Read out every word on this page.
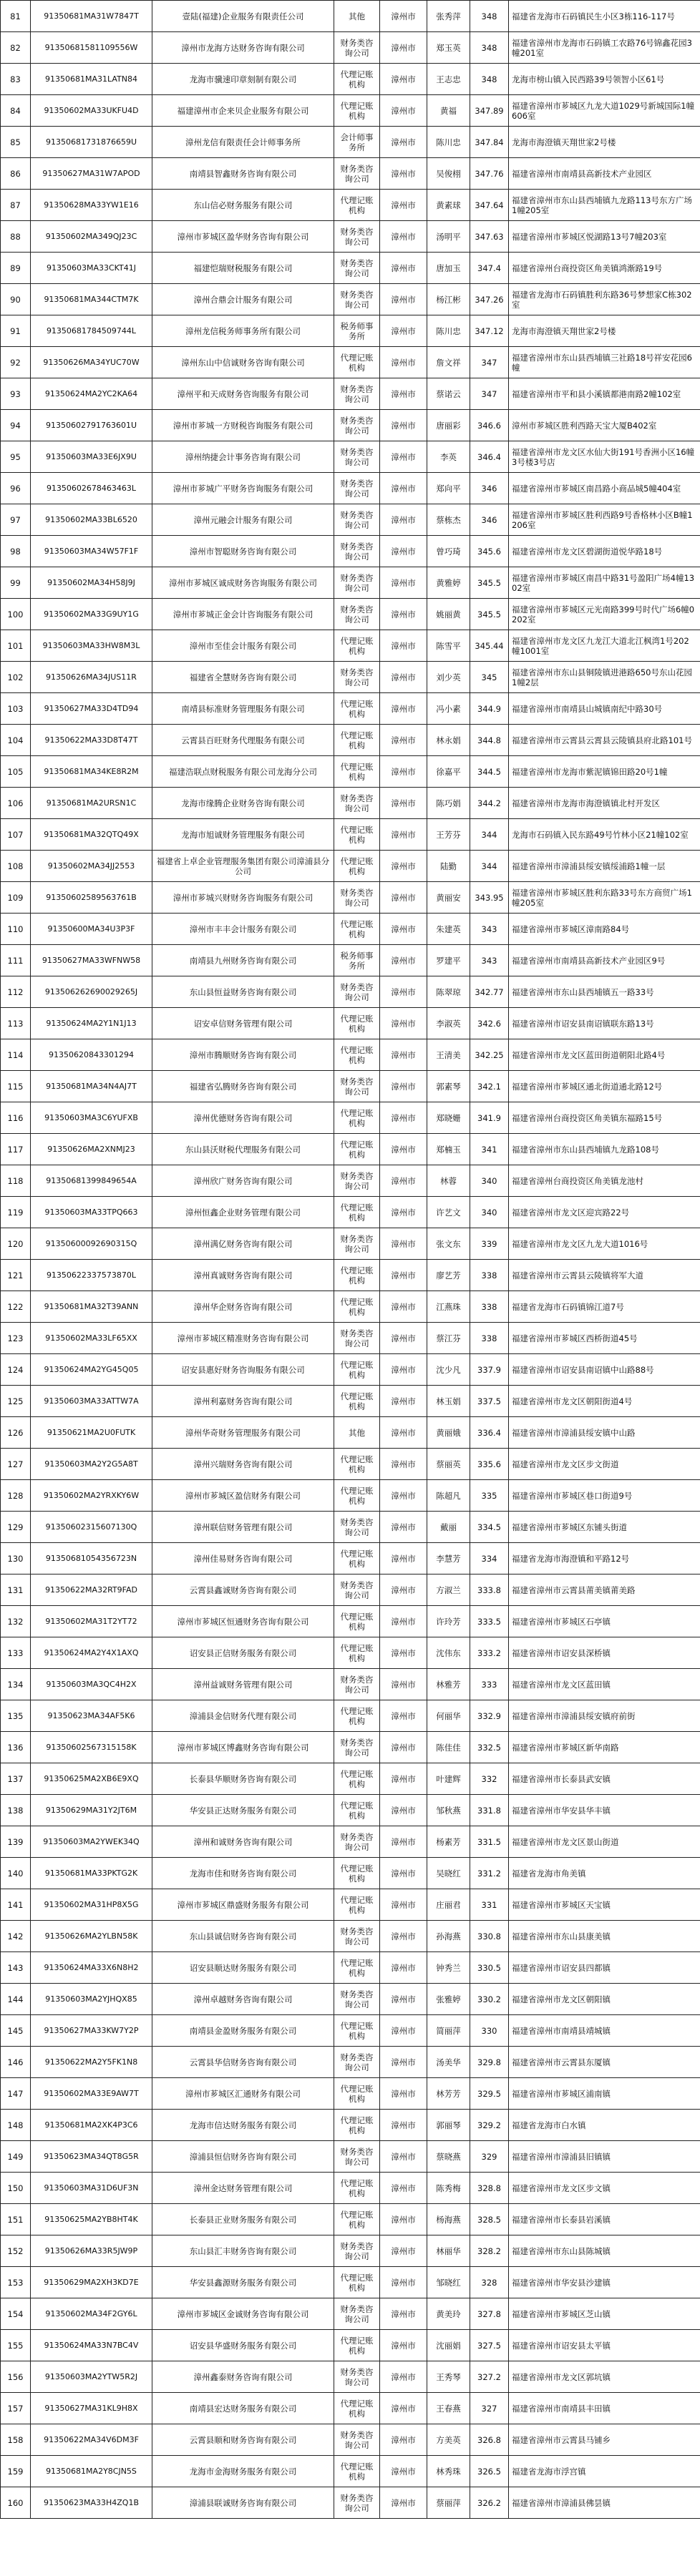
81	91350681MA31W7847T	壹陆(福建)企业服务有限责任公司	其他	漳州市	张秀萍	348	福建省龙海市石码镇民生小区3栋116-117号
82	91350681581109556W	漳州市龙海方达财务咨询有限公司	财务类咨询公司	漳州市	郑玉英	348	福建省漳州市龙海市石码镇工农路76号锦鑫花园3幢201室
83	91350681MA31LATN84	龙海市骥速印章刻制有限公司	代理记账机构	漳州市	王志忠	348	龙海市榜山镇入民西路39号领智小区61号
84	91350602MA33UKFU4D	福建漳州市企来贝企业服务有限公司	代理记账机构	漳州市	黄福	347.89	福建省漳州市芗城区九龙大道1029号新城国际1幢606室
85	91350681731876659U	漳州龙信有限责任会计师事务所	会计师事务所	漳州市	陈川忠	347.84	龙海市海澄镇天翔世家2号楼
86	91350627MA31W7APOD	南靖县智鑫财务咨询有限公司	财务类咨询公司	漳州市	吴俊栩	347.76	福建省漳州市南靖县高新技术产业园区
87	91350628MA33YW1E16	东山信必财务服务有限公司	代理记账机构	漳州市	黄素球	347.64	福建省漳州市东山县西埔镇九龙路113号东方广场1幢205室
88	91350602MA349QJ23C	漳州市芗城区盈华财务咨询有限公司	财务类咨询公司	漳州市	汤明平	347.63	福建省漳州市芗城区悦湖路13号7幢203室
89	91350603MA33CKT41J	福建恺瑞财税服务有限公司	财务类咨询公司	漳州市	唐加玉	347.4	福建省漳州台商投资区角美镇鸿渐路19号
90	91350681MA344CTM7K	漳州合鼎会计服务有限公司	财务类咨询公司	漳州市	杨江彬	347.26	福建省龙海市石码镇胜利东路36号梦想家C栋302室
91	91350681784509744L	漳州龙信税务师事务所有限公司	税务师事务所	漳州市	陈川忠	347.12	龙海市海澄镇天翔世家2号楼
92	91350626MA34YUC70W	漳州东山中信诚财务咨询有限公司	代理记账机构	漳州市	詹文祥	347	福建省漳州市东山县西埔镇三社路18号祥安花园6幢
93	91350624MA2YC2KA64	漳州平和天成财务咨询服务有限公司	财务类咨询公司	漳州市	蔡诺云	347	福建省漳州市平和县小溪镇都港南路2幢102室
94	91350602791763601U	漳州市芗城一方财税咨询服务有限公司	财务类咨询公司	漳州市	唐丽彩	346.6	漳州市芗城区胜利西路天宝大厦B402室
95	91350603MA33E6JX9U	漳州纳捷会计事务咨询有限公司	财务类咨询公司	漳州市	李英	346.4	福建省漳州市龙文区水仙大街191号香洲小区16幢3号楼3号店
96	91350602678463463L	漳州市芗城广平财务咨询服务有限公司	财务类咨询公司	漳州市	郑向平	346	福建省漳州市芗城区南昌路小商品城5幢404室
97	91350602MA33BL6520	漳州元融会计服务有限公司	财务类咨询公司	漳州市	蔡栋杰	346	福建省漳州市芗城区胜利西路9号香格林小区B幢1206室
98	91350603MA34W57F1F	漳州市智聪财务咨询有限公司	财务类咨询公司	漳州市	曾巧琦	345.6	福建省漳州市龙文区碧湖街道悦华路18号
99	91350602MA34H58J9J	漳州市芗城区诚成财务咨询服务有限公司	财务类咨询公司	漳州市	黄雅婷	345.5	福建省漳州市芗城区南昌中路31号盈阳广场4幢1302室
100	91350602MA33G9UY1G	漳州市芗城正金会计咨询服务有限公司	财务类咨询公司	漳州市	姚丽黄	345.5	福建省漳州市芗城区元光南路399号时代广场6幢0202室
101	91350603MA33HW8M3L	漳州市至佳会计服务有限公司	代理记账机构	漳州市	陈雪平	345.44	福建省漳州市龙文区九龙江大道北江枫湾1号202幢1001室
102	91350626MA34JUS11R	福建省全慧财务咨询有限公司	财务类咨询公司	漳州市	刘少英	345	福建省漳州市东山县铜陵镇进港路650号东山花园1幢2层
103	91350627MA33D4TD94	南靖县标准财务管理服务有限公司	代理记账机构	漳州市	冯小素	344.9	福建省漳州市南靖县山城镇南纪中路30号
104	91350622MA33D8T47T	云霄县百旺财务代理服务有限公司	代理记账机构	漳州市	林永娟	344.8	福建省漳州市云霄县云霄县云陵镇县府北路101号
105	91350681MA34KE8R2M	福建浩联点财税服务有限公司龙海分公司	代理记账机构	漳州市	徐嘉平	344.5	福建省漳州市龙海市紫泥镇锦田路20号1幢
106	91350681MA2URSN1C	龙海市缘腾企业财务咨询有限公司	财务类咨询公司	漳州市	陈巧娟	344.2	福建省漳州市龙海市海澄镇镇北村开发区
107	91350681MA32QTQ49X	龙海市旭诚财务管理服务有限公司	代理记账机构	漳州市	王芳芬	344	龙海市石码镇入民东路49号竹林小区21幢102室
108	91350602MA34JJ2553	福建省上卓企业管理服务集团有限公司漳浦县分公司	代理记账机构	漳州市	陆勤	344	福建省漳州市漳浦县绥安镇绥浦路1幢一层
109	91350602589563761B	漳州市芗城兴财财务咨询服务有限公司	财务类咨询公司	漳州市	黄丽安	343.95	福建省漳州市芗城区胜利东路33号东方商贸广场1幢205室
110	91350600MA34U3P3F	漳州市丰丰会计服务有限公司	代理记账机构	漳州市	朱建英	343	福建省漳州市芗城区漳南路84号
111	91350627MA33WFNW58	南靖县九州财务咨询有限公司	税务师事务所	漳州市	罗建平	343	福建省漳州市南靖县高新技术产业园区9号
112	913506262690029265J	东山县恒益财务咨询有限公司	财务类咨询公司	漳州市	陈翠琼	342.77	福建省漳州市东山县西埔镇五一路33号
113	91350624MA2Y1N1J13	诏安卓信财务管理有限公司	代理记账机构	漳州市	李淑英	342.6	福建省漳州市诏安县南诏镇联东路13号
114	91350620843301294	漳州市腾顺财务咨询有限公司	代理记账机构	漳州市	王清美	342.25	福建省漳州市龙文区蓝田街道朝阳北路4号
115	91350681MA34N4AJ7T	福建省弘腾财务咨询有限公司	财务类咨询公司	漳州市	郭素琴	342.1	福建省漳州市芗城区通北街道通北路12号
116	91350603MA3C6YUFXB	漳州优德财务咨询有限公司	代理记账机构	漳州市	郑晓姗	341.9	福建省漳州台商投资区角美镇东福路15号
117	91350626MA2XNMJ23	东山县沃财税代理服务有限公司	代理记账机构	漳州市	郑楠玉	341	福建省漳州市东山县西埔镇九龙路108号
118	91350681399849654A	漳州欣广财务咨询有限公司	财务类咨询公司	漳州市	林蓉	340	福建省漳州台商投资区角美镇龙池村
119	91350603MA33TPQ663	漳州恒鑫企业财务管理有限公司	代理记账机构	漳州市	许艺文	340	福建省漳州市龙文区迎宾路22号
120	91350600092690315Q	漳州满亿财务咨询有限公司	财务类咨询公司	漳州市	张文东	339	福建省漳州市龙文区九龙大道1016号
121	91350622337573870L	漳州真诚财务咨询有限公司	代理记账机构	漳州市	廖艺芳	338	福建省漳州市云霄县云陵镇将军大道
122	91350681MA32T39ANN	漳州华企财务咨询有限公司	代理记账机构	漳州市	江燕珠	338	福建省龙海市石码镇锦江道7号
123	91350602MA33LF65XX	漳州市芗城区精准财务咨询有限公司	财务类咨询公司	漳州市	蔡江芬	338	福建省漳州市芗城区西桥街道45号
124	91350624MA2YG45Q05	诏安县惠好财务咨询服务有限公司	代理记账机构	漳州市	沈少凡	337.9	福建省漳州市诏安县南诏镇中山路88号
125	91350603MA33ATTW7A	漳州利嘉财务咨询有限公司	代理记账机构	漳州市	林玉娟	337.5	福建省漳州市龙文区朝阳街道4号
126	91350621MA2U0FUTK	漳州华奇财务管理服务有限公司	其他	漳州市	黄丽娥	336.4	福建省漳州市漳浦县绥安镇中山路
127	91350603MA2Y2G5A8T	漳州兴瑞财务咨询有限公司	代理记账机构	漳州市	蔡丽英	335.6	福建省漳州市龙文区步文街道
128	91350602MA2YRXKY6W	漳州市芗城区盈信财务有限公司	代理记账机构	漳州市	陈超凡	335	福建省漳州市芗城区巷口街道9号
129	91350602315607130Q	漳州联信财务管理有限公司	财务类咨询公司	漳州市	戴丽	334.5	福建省漳州市芗城区东铺头街道
130	91350681054356723N	漳州佳易财务咨询有限公司	代理记账机构	漳州市	李慧芳	334	福建省龙海市海澄镇和平路12号
131	91350622MA32RT9FAD	云霄县鑫诚财务咨询有限公司	财务类咨询公司	漳州市	方淑兰	333.8	福建省漳州市云霄县莆美镇莆美路
132	91350602MA31T2YT72	漳州市芗城区恒通财务咨询有限公司	代理记账机构	漳州市	许玲芳	333.5	福建省漳州市芗城区石亭镇
133	91350624MA2Y4X1AXQ	诏安县正信财务服务有限公司	代理记账机构	漳州市	沈伟东	333.2	福建省漳州市诏安县深桥镇
134	91350603MA3QC4H2X	漳州益诚财务管理有限公司	财务类咨询公司	漳州市	林雅芳	333	福建省漳州市龙文区蓝田镇
135	91350623MA34AF5K6	漳浦县金信财务代理有限公司	代理记账机构	漳州市	何丽华	332.9	福建省漳州市漳浦县绥安镇府前街
136	91350602567315158K	漳州市芗城区博鑫财务咨询有限公司	财务类咨询公司	漳州市	陈佳佳	332.5	福建省漳州市芗城区新华南路
137	91350625MA2XB6E9XQ	长泰县华顺财务咨询有限公司	代理记账机构	漳州市	叶建辉	332	福建省漳州市长泰县武安镇
138	91350629MA31Y2JT6M	华安县正达财务服务有限公司	代理记账机构	漳州市	邹秋燕	331.8	福建省漳州市华安县华丰镇
139	91350603MA2YWEK34Q	漳州和诚财务咨询有限公司	财务类咨询公司	漳州市	杨素芳	331.5	福建省漳州市龙文区景山街道
140	91350681MA33PKTG2K	龙海市佳和财务咨询有限公司	代理记账机构	漳州市	吴晓红	331.2	福建省龙海市角美镇
141	91350602MA31HP8X5G	漳州市芗城区鼎盛财务服务有限公司	代理记账机构	漳州市	庄丽君	331	福建省漳州市芗城区天宝镇
142	91350626MA2YLBN58K	东山县诚信财务咨询有限公司	财务类咨询公司	漳州市	孙海燕	330.8	福建省漳州市东山县康美镇
143	91350624MA33X6N8H2	诏安县顺达财务服务有限公司	代理记账机构	漳州市	钟秀兰	330.5	福建省漳州市诏安县四都镇
144	91350603MA2YJHQX85	漳州卓越财务咨询有限公司	财务类咨询公司	漳州市	张雅婷	330.2	福建省漳州市龙文区朝阳镇
145	91350627MA33KW7Y2P	南靖县金盈财务服务有限公司	代理记账机构	漳州市	简丽萍	330	福建省漳州市南靖县靖城镇
146	91350622MA2Y5FK1N8	云霄县华信财务咨询有限公司	财务类咨询公司	漳州市	汤美华	329.8	福建省漳州市云霄县东厦镇
147	91350602MA33E9AW7T	漳州市芗城区汇通财务有限公司	代理记账机构	漳州市	林芳芳	329.5	福建省漳州市芗城区浦南镇
148	91350681MA2XK4P3C6	龙海市信达财务服务有限公司	代理记账机构	漳州市	郭丽琴	329.2	福建省龙海市白水镇
149	91350623MA34QT8G5R	漳浦县恒信财务咨询有限公司	财务类咨询公司	漳州市	蔡晓燕	329	福建省漳州市漳浦县旧镇镇
150	91350603MA31D6UF3N	漳州金达财务管理有限公司	代理记账机构	漳州市	陈秀梅	328.8	福建省漳州市龙文区步文镇
151	91350625MA2YB8HT4K	长泰县正业财务服务有限公司	代理记账机构	漳州市	杨海燕	328.5	福建省漳州市长泰县岩溪镇
152	91350626MA33R5JW9P	东山县汇丰财务咨询有限公司	财务类咨询公司	漳州市	林丽华	328.2	福建省漳州市东山县陈城镇
153	91350629MA2XH3KD7E	华安县鑫源财务服务有限公司	代理记账机构	漳州市	邹晓红	328	福建省漳州市华安县沙建镇
154	91350602MA34F2GY6L	漳州市芗城区金诚财务咨询有限公司	财务类咨询公司	漳州市	黄美玲	327.8	福建省漳州市芗城区芝山镇
155	91350624MA33N7BC4V	诏安县华盛财务服务有限公司	代理记账机构	漳州市	沈丽娟	327.5	福建省漳州市诏安县太平镇
156	91350603MA2YTW5R2J	漳州鑫泰财务咨询有限公司	财务类咨询公司	漳州市	王秀琴	327.2	福建省漳州市龙文区郭坑镇
157	91350627MA31KL9H8X	南靖县宏达财务服务有限公司	代理记账机构	漳州市	王春燕	327	福建省漳州市南靖县丰田镇
158	91350622MA34V6DM3F	云霄县顺和财务咨询有限公司	财务类咨询公司	漳州市	方美英	326.8	福建省漳州市云霄县马铺乡
159	91350681MA2Y8CJN5S	龙海市金海财务服务有限公司	代理记账机构	漳州市	林秀珠	326.5	福建省龙海市浮宫镇
160	91350623MA33H4ZQ1B	漳浦县联诚财务咨询有限公司	财务类咨询公司	漳州市	蔡丽萍	326.2	福建省漳州市漳浦县佛昙镇
